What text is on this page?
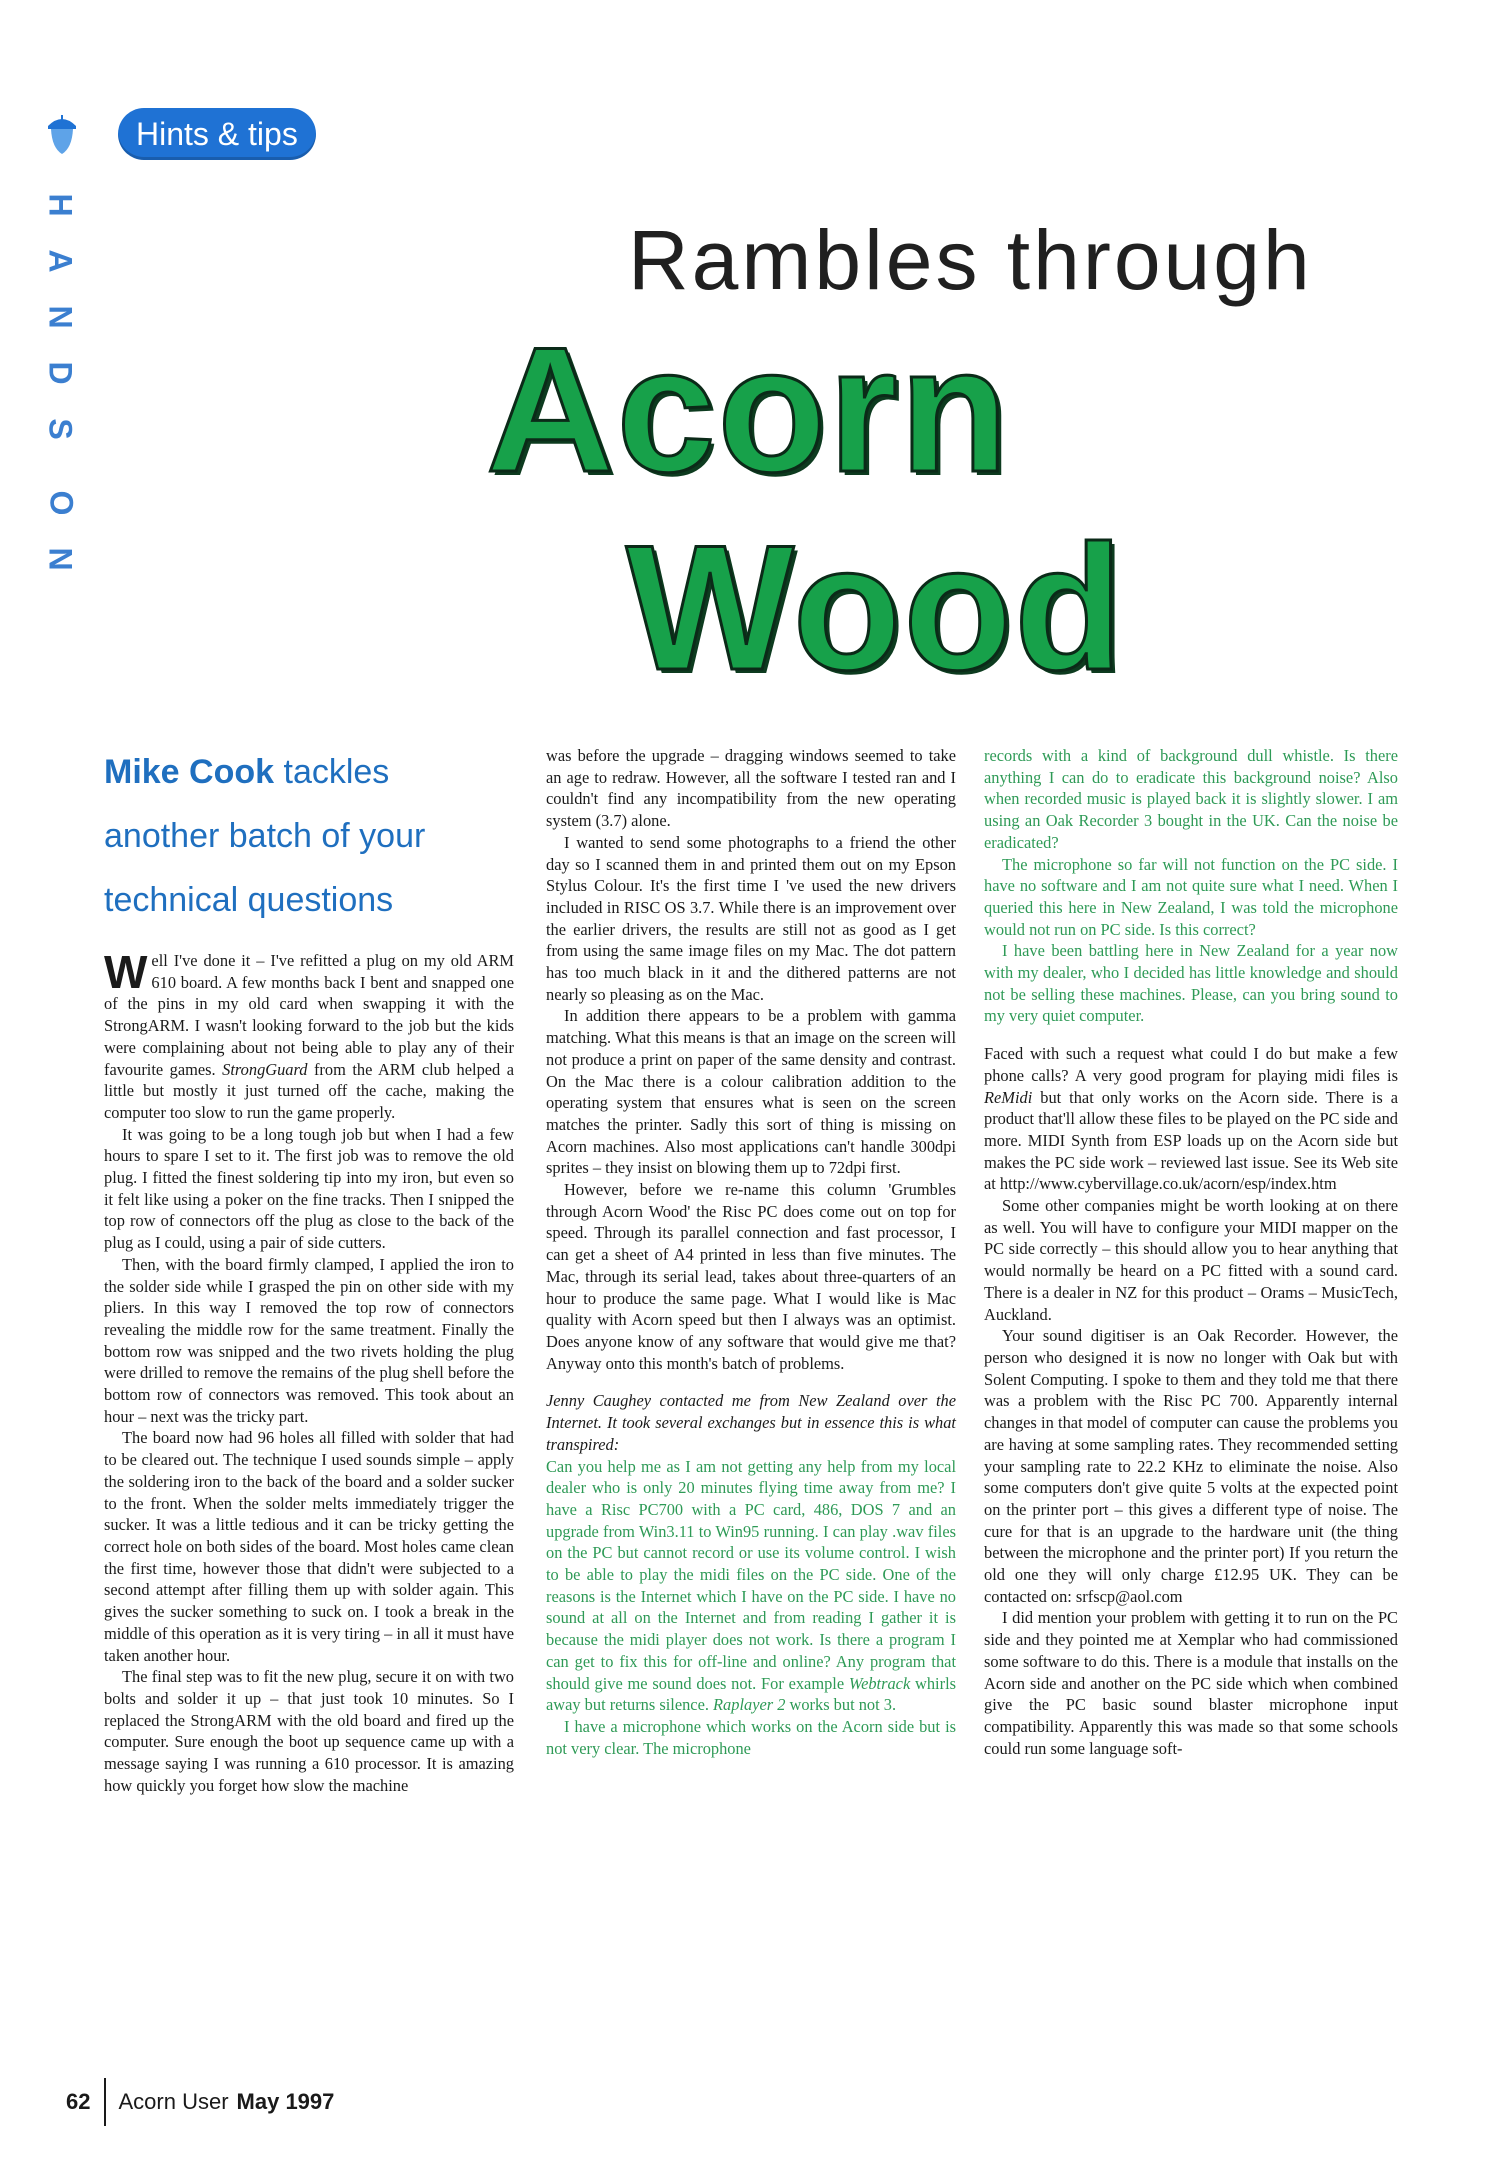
H
A
N
D
S
O
N
Hints & tips
Rambles through
Acorn
Wood
Mike Cook tackles another batch of your technical questions

Well I've done it – I've refitted a plug on my old ARM 610 board. A few months back I bent and snapped one of the pins in my old card when swapping it with the StrongARM. I wasn't looking forward to the job but the kids were complaining about not being able to play any of their favourite games. StrongGuard from the ARM club helped a little but mostly it just turned off the cache, making the computer too slow to run the game properly.

It was going to be a long tough job but when I had a few hours to spare I set to it. The first job was to remove the old plug. I fitted the finest soldering tip into my iron, but even so it felt like using a poker on the fine tracks. Then I snipped the top row of connectors off the plug as close to the back of the plug as I could, using a pair of side cutters.

Then, with the board firmly clamped, I applied the iron to the solder side while I grasped the pin on other side with my pliers. In this way I removed the top row of connectors revealing the middle row for the same treatment. Finally the bottom row was snipped and the two rivets holding the plug were drilled to remove the remains of the plug shell before the bottom row of connectors was removed. This took about an hour – next was the tricky part.

The board now had 96 holes all filled with solder that had to be cleared out. The technique I used sounds simple – apply the soldering iron to the back of the board and a solder sucker to the front. When the solder melts immediately trigger the sucker. It was a little tedious and it can be tricky getting the correct hole on both sides of the board. Most holes came clean the first time, however those that didn't were subjected to a second attempt after filling them up with solder again. This gives the sucker something to suck on. I took a break in the middle of this operation as it is very tiring – in all it must have taken another hour.

The final step was to fit the new plug, secure it on with two bolts and solder it up – that just took 10 minutes. So I replaced the StrongARM with the old board and fired up the computer. Sure enough the boot up sequence came up with a message saying I was running a 610 processor. It is amazing how quickly you forget how slow the machine

was before the upgrade – dragging windows seemed to take an age to redraw. However, all the software I tested ran and I couldn't find any incompatibility from the new operating system (3.7) alone.

I wanted to send some photographs to a friend the other day so I scanned them in and printed them out on my Epson Stylus Colour. It's the first time I 've used the new drivers included in RISC OS 3.7. While there is an improvement over the earlier drivers, the results are still not as good as I get from using the same image files on my Mac. The dot pattern has too much black in it and the dithered patterns are not nearly so pleasing as on the Mac.

In addition there appears to be a problem with gamma matching. What this means is that an image on the screen will not produce a print on paper of the same density and contrast. On the Mac there is a colour calibration addition to the operating system that ensures what is seen on the screen matches the printer. Sadly this sort of thing is missing on Acorn machines. Also most applications can't handle 300dpi sprites – they insist on blowing them up to 72dpi first.

However, before we re-name this column 'Grumbles through Acorn Wood' the Risc PC does come out on top for speed. Through its parallel connection and fast processor, I can get a sheet of A4 printed in less than five minutes. The Mac, through its serial lead, takes about three-quarters of an hour to produce the same page. What I would like is Mac quality with Acorn speed but then I always was an optimist. Does anyone know of any software that would give me that? Anyway onto this month's batch of problems.

Jenny Caughey contacted me from New Zealand over the Internet. It took several exchanges but in essence this is what transpired:

Can you help me as I am not getting any help from my local dealer who is only 20 minutes flying time away from me? I have a Risc PC700 with a PC card, 486, DOS 7 and an upgrade from Win3.11 to Win95 running. I can play .wav files on the PC but cannot record or use its volume control. I wish to be able to play the midi files on the PC side. One of the reasons is the Internet which I have on the PC side. I have no sound at all on the Internet and from reading I gather it is because the midi player does not work. Is there a program I can get to fix this for off-line and online? Any program that should give me sound does not. For example Webtrack whirls away but returns silence. Raplayer 2 works but not 3.

I have a microphone which works on the Acorn side but is not very clear. The microphone

records with a kind of background dull whistle. Is there anything I can do to eradicate this background noise? Also when recorded music is played back it is slightly slower. I am using an Oak Recorder 3 bought in the UK. Can the noise be eradicated?

The microphone so far will not function on the PC side. I have no software and I am not quite sure what I need. When I queried this here in New Zealand, I was told the microphone would not run on PC side. Is this correct?

I have been battling here in New Zealand for a year now with my dealer, who I decided has little knowledge and should not be selling these machines. Please, can you bring sound to my very quiet computer.

Faced with such a request what could I do but make a few phone calls? A very good program for playing midi files is ReMidi but that only works on the Acorn side. There is a product that'll allow these files to be played on the PC side and more. MIDI Synth from ESP loads up on the Acorn side but makes the PC side work – reviewed last issue. See its Web site at http://www.cybervillage.co.uk/acorn/esp/index.htm

Some other companies might be worth looking at on there as well. You will have to configure your MIDI mapper on the PC side correctly – this should allow you to hear anything that would normally be heard on a PC fitted with a sound card. There is a dealer in NZ for this product – Orams – MusicTech, Auckland.

Your sound digitiser is an Oak Recorder. However, the person who designed it is now no longer with Oak but with Solent Computing. I spoke to them and they told me that there was a problem with the Risc PC 700. Apparently internal changes in that model of computer can cause the problems you are having at some sampling rates. They recommended setting your sampling rate to 22.2 KHz to eliminate the noise. Also some computers don't give quite 5 volts at the expected point on the printer port – this gives a different type of noise. The cure for that is an upgrade to the hardware unit (the thing between the microphone and the printer port) If you return the old one they will only charge £12.95 UK. They can be contacted on: srfscp@aol.com

I did mention your problem with getting it to run on the PC side and they pointed me at Xemplar who had commissioned some software to do this. There is a module that installs on the Acorn side and another on the PC side which when combined give the PC basic sound blaster microphone input compatibility. Apparently this was made so that some schools could run some language soft-

62 Acorn User May 1997
